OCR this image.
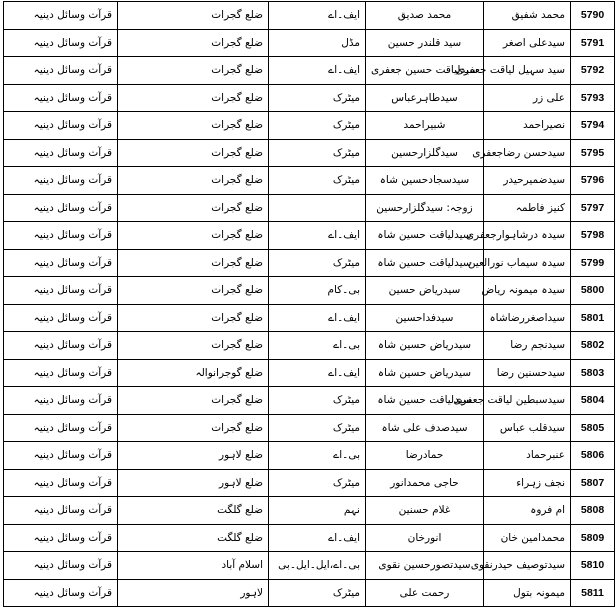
قرآت وسائل دینیہ	ضلع گجرات	ایف۔اے	محمد صدیق	محمد شفیق	5790
قرآت وسائل دینیہ	ضلع گجرات	مڈل	سید قلندر حسین	سیدعلی اصغر	5791
قرآت وسائل دینیہ	ضلع گجرات	ایف۔اے	سیدلیاقت حسین جعفری	سید سہیل لیاقت جعفری	5792
قرآت وسائل دینیہ	ضلع گجرات	میٹرک	سیدطاہرعباس	علی زر	5793
قرآت وسائل دینیہ	ضلع گجرات	میٹرک	شبیراحمد	نصیراحمد	5794
قرآت وسائل دینیہ	ضلع گجرات	میٹرک	سیدگلزارحسین	سیدحسن رضاجعفری	5795
قرآت وسائل دینیہ	ضلع گجرات	میٹرک	سیدسجادحسین شاہ	سیدضمیرحیدر	5796
قرآت وسائل دینیہ	ضلع گجرات		زوجہ: سیدگلزارحسین	کنیز فاطمہ	5797
قرآت وسائل دینیہ	ضلع گجرات	ایف۔اے	سیدلیاقت حسین شاہ	سیدہ درشاہوارجعفری	5798
قرآت وسائل دینیہ	ضلع گجرات	میٹرک	سیدلیاقت حسین شاہ	سیدہ سیماب نورالعین	5799
قرآت وسائل دینیہ	ضلع گجرات	بی۔کام	سیدریاض حسین	سیدہ میمونہ ریاض	5800
قرآت وسائل دینیہ	ضلع گجرات	ایف۔اے	سیدفداحسین	سیداصغررضاشاہ	5801
قرآت وسائل دینیہ	ضلع گجرات	بی۔اے	سیدریاض حسین شاہ	سیدنجم رضا	5802
قرآت وسائل دینیہ	ضلع گوجرانوالہ	ایف۔اے	سیدریاض حسین شاہ	سیدحسنین رضا	5803
قرآت وسائل دینیہ	ضلع گجرات	میٹرک	سیدلیاقت حسین شاہ	سیدسبطین لیاقت جعفری	5804
قرآت وسائل دینیہ	ضلع گجرات	میٹرک	سیدصدف علی شاہ	سیدقلب عباس	5805
قرآت وسائل دینیہ	ضلع لاہور	بی۔اے	حمادرضا	عنبرحماد	5806
قرآت وسائل دینیہ	ضلع لاہور	میٹرک	حاجی محمدانور	نجف زہراء	5807
قرآت وسائل دینیہ	ضلع گلگت	نہم	غلام حسنین	ام فروہ	5808
قرآت وسائل دینیہ	ضلع گلگت	ایف۔اے	انورخان	محمدامین خان	5809
قرآت وسائل دینیہ	اسلام آباد	بی۔اے،ایل۔ایل۔بی	سیدتصورحسین نقوی	سیدتوصیف حیدرنقوی	5810
قرآت وسائل دینیہ	لاہور	میٹرک	رحمت علی	میمونہ بتول	5811
